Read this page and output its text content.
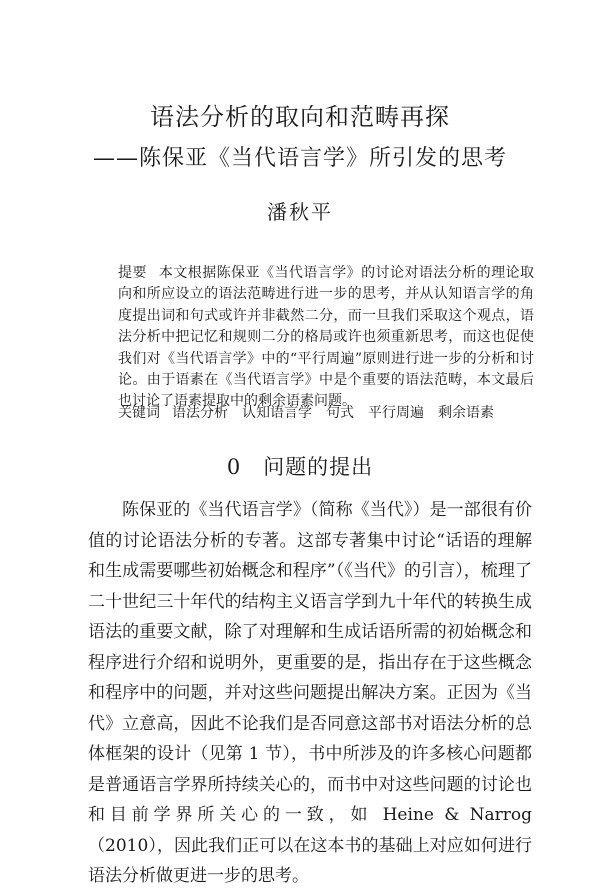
语法分析的取向和范畴再探
——陈保亚《当代语言学》所引发的思考
潘秋平
提要 本文根据陈保亚《当代语言学》的讨论对语法分析的理论取向和所应设立的语法范畴进行进一步的思考，并从认知语言学的角度提出词和句式或许并非截然二分，而一旦我们采取这个观点，语法分析中把记忆和规则二分的格局或许也须重新思考，而这也促使我们对《当代语言学》中的“平行周遍”原则进行进一步的分析和讨论。由于语素在《当代语言学》中是个重要的语法范畴，本文最后也讨论了语素提取中的剩余语素问题。
关键词 语法分析 认知语言学 句式 平行周遍 剩余语素
0 问题的提出
陈保亚的《当代语言学》（简称《当代》）是一部很有价值的讨论语法分析的专著。这部专著集中讨论“话语的理解和生成需要哪些初始概念和程序”（《当代》的引言），梳理了二十世纪三十年代的结构主义语言学到九十年代的转换生成语法的重要文献，除了对理解和生成话语所需的初始概念和程序进行介绍和说明外，更重要的是，指出存在于这些概念和程序中的问题，并对这些问题提出解决方案。正因为《当代》立意高，因此不论我们是否同意这部书对语法分析的总体框架的设计（见第 1 节），书中所涉及的许多核心问题都是普通语言学界所持续关心的，而书中对这些问题的讨论也和目前学界所关心的一致，如 Heine & Narrog（2010），因此我们正可以在这本书的基础上对应如何进行语法分析做更进一步的思考。
